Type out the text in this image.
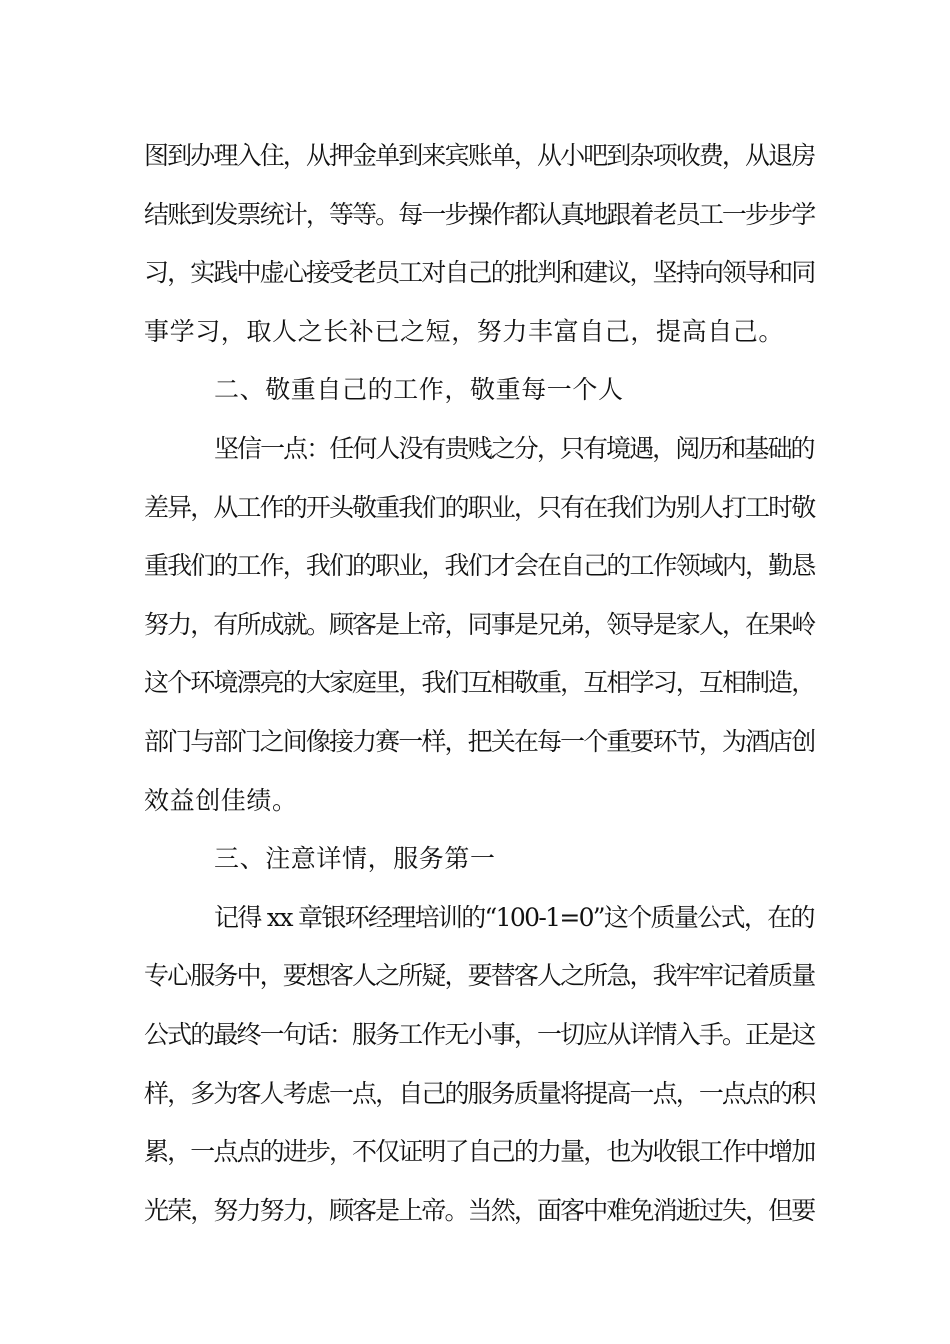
图到办理入住，从押金单到来宾账单，从小吧到杂项收费，从退房
结账到发票统计，等等。每一步操作都认真地跟着老员工一步步学
习，实践中虚心接受老员工对自己的批判和建议，坚持向领导和同
事学习，取人之长补已之短，努力丰富自己，提高自己。
二、敬重自己的工作，敬重每一个人
坚信一点：任何人没有贵贱之分，只有境遇，阅历和基础的
差异，从工作的开头敬重我们的职业，只有在我们为别人打工时敬
重我们的工作，我们的职业，我们才会在自己的工作领域内，勤恳
努力，有所成就。顾客是上帝，同事是兄弟，领导是家人，在果岭
这个环境漂亮的大家庭里，我们互相敬重，互相学习，互相制造，
部门与部门之间像接力赛一样，把关在每一个重要环节，为酒店创
效益创佳绩。
三、注意详情，服务第一
记得 xx 章银环经理培训的“100-1=0”这个质量公式，在的
专心服务中，要想客人之所疑，要替客人之所急，我牢牢记着质量
公式的最终一句话：服务工作无小事，一切应从详情入手。正是这
样，多为客人考虑一点，自己的服务质量将提高一点，一点点的积
累，一点点的进步，不仅证明了自己的力量，也为收银工作中增加
光荣，努力努力，顾客是上帝。当然，面客中难免消逝过失，但要
